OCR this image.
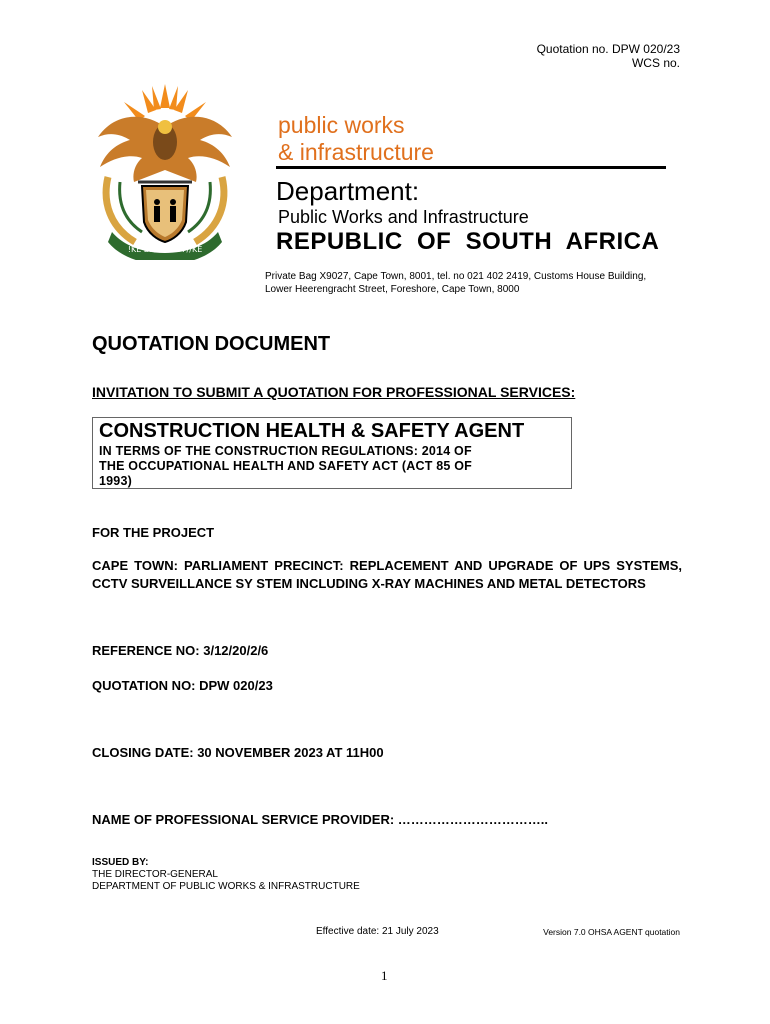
Quotation no. DPW 020/23
WCS no.
!KE E: /XARRA //KE
public works
& infrastructure
Department:
Public Works and Infrastructure
REPUBLIC  OF  SOUTH  AFRICA
Private Bag X9027, Cape Town, 8001, tel. no 021 402 2419, Customs House Building,
Lower Heerengracht Street, Foreshore, Cape Town, 8000
QUOTATION DOCUMENT
INVITATION TO SUBMIT A QUOTATION FOR PROFESSIONAL SERVICES:
CONSTRUCTION HEALTH & SAFETY AGENT
IN TERMS OF THE CONSTRUCTION REGULATIONS: 2014 OF
THE OCCUPATIONAL HEALTH AND SAFETY ACT (ACT 85 OF
1993)
FOR THE PROJECT
CAPE TOWN: PARLIAMENT PRECINCT: REPLACEMENT AND UPGRADE OF UPS SYSTEMS, CCTV SURVEILLANCE SY STEM INCLUDING X-RAY MACHINES AND METAL DETECTORS
REFERENCE NO: 3/12/20/2/6
QUOTATION NO: DPW 020/23
CLOSING DATE: 30 NOVEMBER 2023 AT 11H00
NAME OF PROFESSIONAL SERVICE PROVIDER: ……………………………..
ISSUED BY:
THE DIRECTOR-GENERAL
DEPARTMENT OF PUBLIC WORKS & INFRASTRUCTURE
Effective date: 21 July 2023	Version 7.0 OHSA AGENT quotation
1
